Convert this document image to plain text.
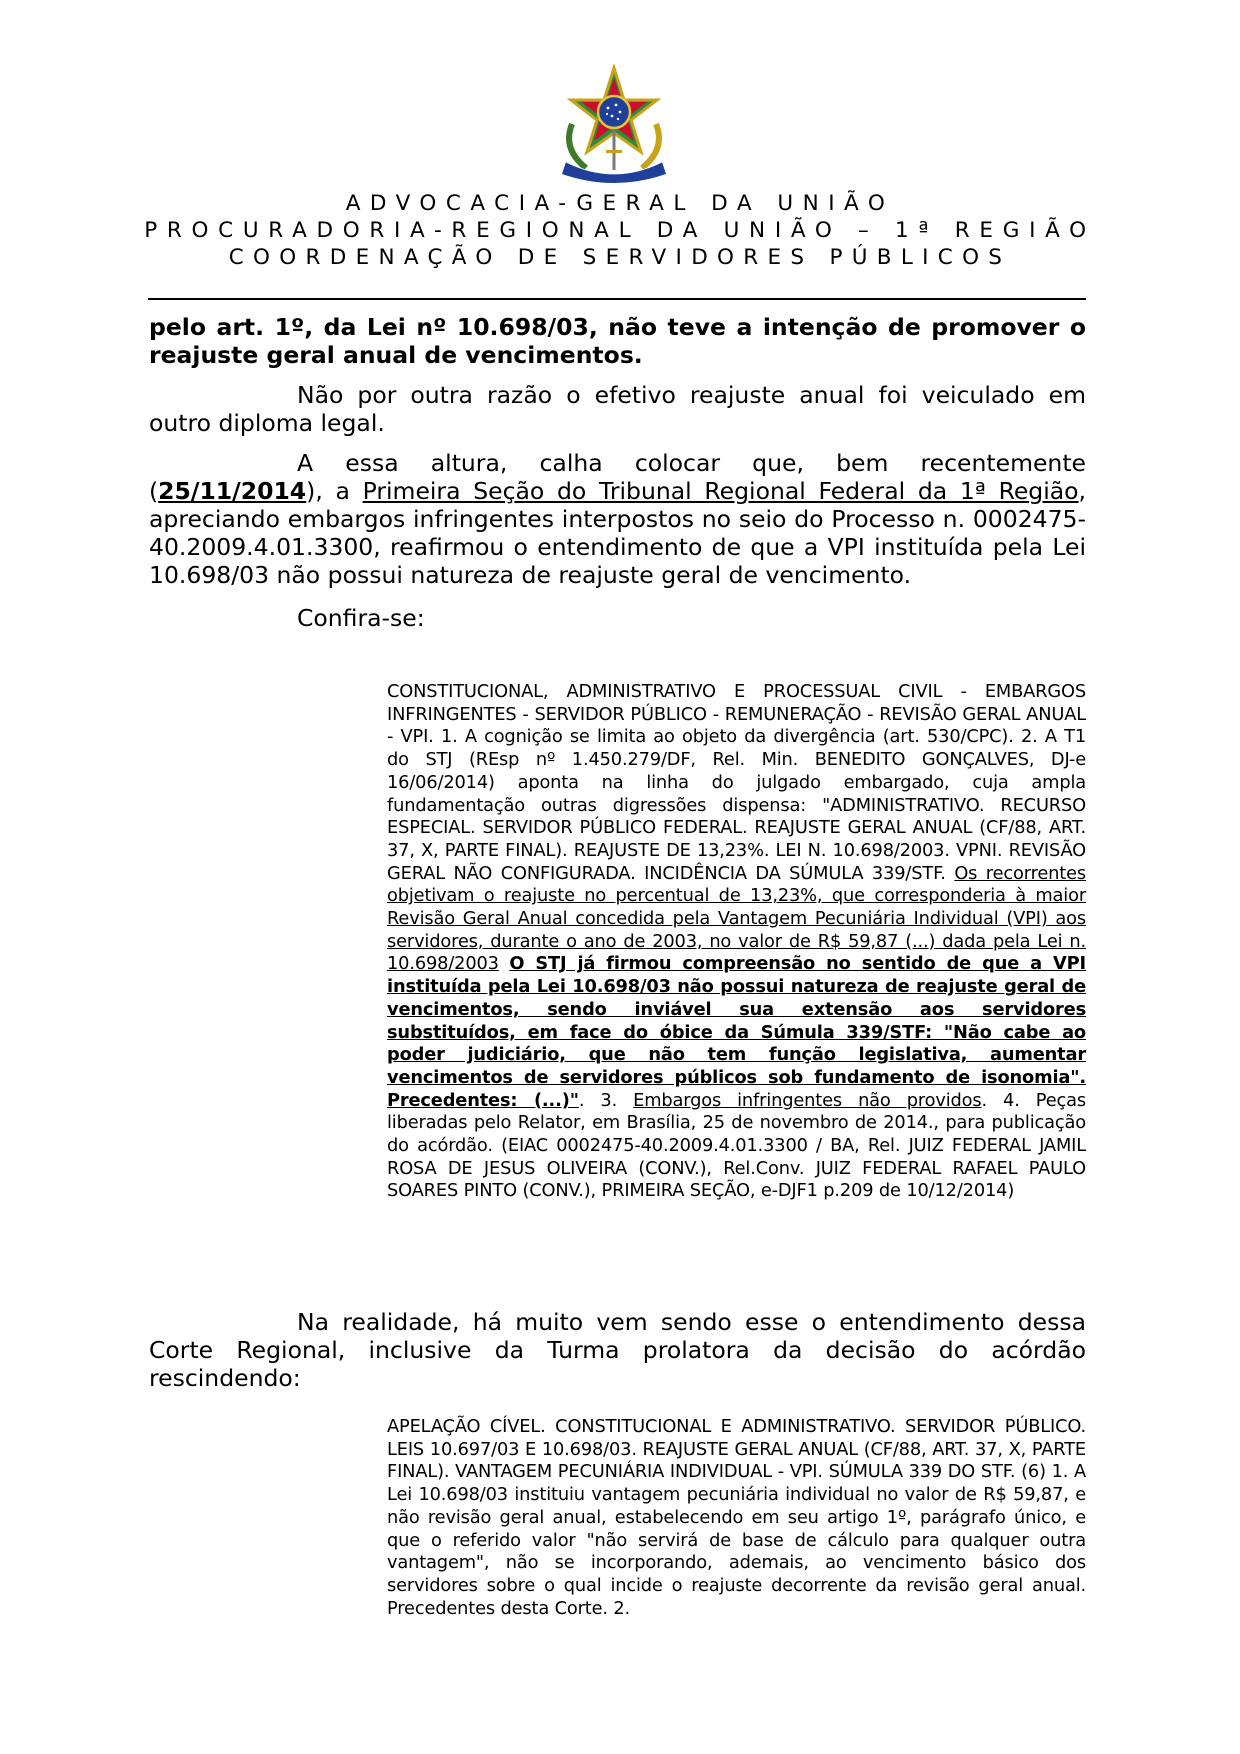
ADVOCACIA-GERAL DA UNIÃO
PROCURADORIA-REGIONAL DA UNIÃO – 1ª REGIÃO
COORDENAÇÃO DE SERVIDORES PÚBLICOS
pelo art. 1º, da Lei nº 10.698/03, não teve a intenção de promover o reajuste geral anual de vencimentos.
Não por outra razão o efetivo reajuste anual foi veiculado em outro diploma legal.
A essa altura, calha colocar que, bem recentemente (25/11/2014), a Primeira Seção do Tribunal Regional Federal da 1ª Região, apreciando embargos infringentes interpostos no seio do Processo n. 0002475-40.2009.4.01.3300, reafirmou o entendimento de que a VPI instituída pela Lei 10.698/03 não possui natureza de reajuste geral de vencimento.
Confira-se:
CONSTITUCIONAL, ADMINISTRATIVO E PROCESSUAL CIVIL - EMBARGOS INFRINGENTES - SERVIDOR PÚBLICO - REMUNERAÇÃO - REVISÃO GERAL ANUAL - VPI. 1. A cognição se limita ao objeto da divergência (art. 530/CPC). 2. A T1 do STJ (REsp nº 1.450.279/DF, Rel. Min. BENEDITO GONÇALVES, DJ-e 16/06/2014) aponta na linha do julgado embargado, cuja ampla fundamentação outras digressões dispensa: "ADMINISTRATIVO. RECURSO ESPECIAL. SERVIDOR PÚBLICO FEDERAL. REAJUSTE GERAL ANUAL (CF/88, ART. 37, X, PARTE FINAL). REAJUSTE DE 13,23%. LEI N. 10.698/2003. VPNI. REVISÃO GERAL NÃO CONFIGURADA. INCIDÊNCIA DA SÚMULA 339/STF. Os recorrentes objetivam o reajuste no percentual de 13,23%, que corresponderia à maior Revisão Geral Anual concedida pela Vantagem Pecuniária Individual (VPI) aos servidores, durante o ano de 2003, no valor de R$ 59,87 (...) dada pela Lei n. 10.698/2003 O STJ já firmou compreensão no sentido de que a VPI instituída pela Lei 10.698/03 não possui natureza de reajuste geral de vencimentos, sendo inviável sua extensão aos servidores substituídos, em face do óbice da Súmula 339/STF: "Não cabe ao poder judiciário, que não tem função legislativa, aumentar vencimentos de servidores públicos sob fundamento de isonomia". Precedentes: (...)". 3. Embargos infringentes não providos. 4. Peças liberadas pelo Relator, em Brasília, 25 de novembro de 2014., para publicação do acórdão. (EIAC 0002475-40.2009.4.01.3300 / BA, Rel. JUIZ FEDERAL JAMIL ROSA DE JESUS OLIVEIRA (CONV.), Rel.Conv. JUIZ FEDERAL RAFAEL PAULO SOARES PINTO (CONV.), PRIMEIRA SEÇÃO, e-DJF1 p.209 de 10/12/2014)
Na realidade, há muito vem sendo esse o entendimento dessa Corte Regional, inclusive da Turma prolatora da decisão do acórdão rescindendo:
APELAÇÃO CÍVEL. CONSTITUCIONAL E ADMINISTRATIVO. SERVIDOR PÚBLICO. LEIS 10.697/03 E 10.698/03. REAJUSTE GERAL ANUAL (CF/88, ART. 37, X, PARTE FINAL). VANTAGEM PECUNIÁRIA INDIVIDUAL - VPI. SÚMULA 339 DO STF. (6) 1. A Lei 10.698/03 instituiu vantagem pecuniária individual no valor de R$ 59,87, e não revisão geral anual, estabelecendo em seu artigo 1º, parágrafo único, e que o referido valor "não servirá de base de cálculo para qualquer outra vantagem", não se incorporando, ademais, ao vencimento básico dos servidores sobre o qual incide o reajuste decorrente da revisão geral anual. Precedentes desta Corte. 2.
